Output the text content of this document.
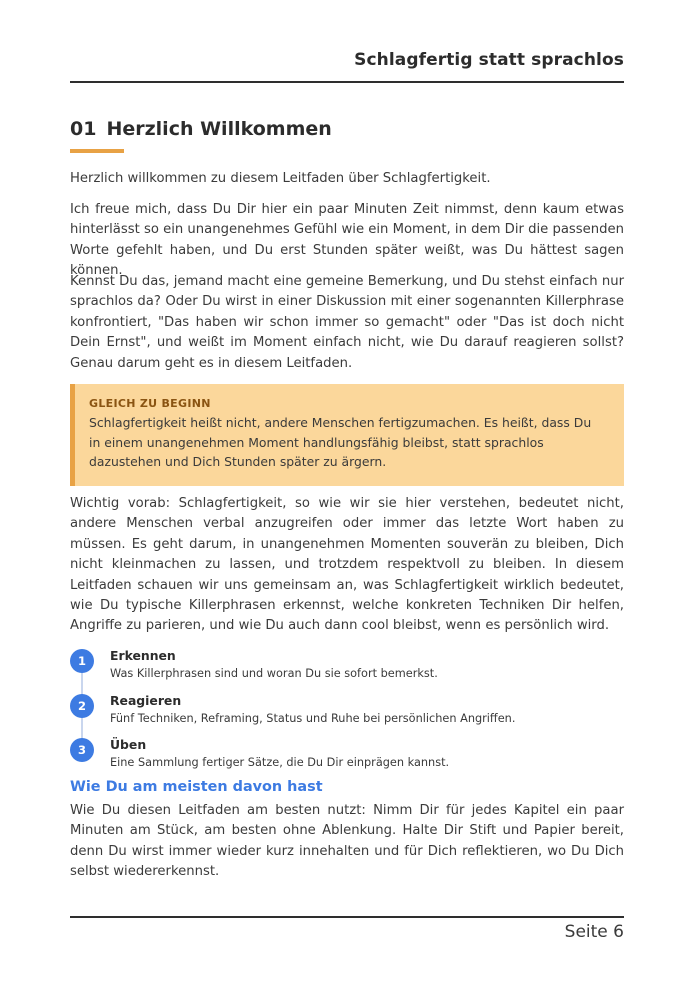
Schlagfertig statt sprachlos
01 Herzlich Willkommen

Herzlich willkommen zu diesem Leitfaden über Schlagfertigkeit.

Ich freue mich, dass Du Dir hier ein paar Minuten Zeit nimmst, denn kaum etwas hinterlässt so ein unangenehmes Gefühl wie ein Moment, in dem Dir die passenden Worte gefehlt haben, und Du erst Stunden später weißt, was Du hättest sagen können.

Kennst Du das, jemand macht eine gemeine Bemerkung, und Du stehst einfach nur sprachlos da? Oder Du wirst in einer Diskussion mit einer sogenannten Killerphrase konfrontiert, "Das haben wir schon immer so gemacht" oder "Das ist doch nicht Dein Ernst", und weißt im Moment einfach nicht, wie Du darauf reagieren sollst? Genau darum geht es in diesem Leitfaden.

GLEICH ZU BEGINN
Schlagfertigkeit heißt nicht, andere Menschen fertigzumachen. Es heißt, dass Du in einem unangenehmen Moment handlungsfähig bleibst, statt sprachlos dazustehen und Dich Stunden später zu ärgern.

Wichtig vorab: Schlagfertigkeit, so wie wir sie hier verstehen, bedeutet nicht, andere Menschen verbal anzugreifen oder immer das letzte Wort haben zu müssen. Es geht darum, in unangenehmen Momenten souverän zu bleiben, Dich nicht kleinmachen zu lassen, und trotzdem respektvoll zu bleiben. In diesem Leitfaden schauen wir uns gemeinsam an, was Schlagfertigkeit wirklich bedeutet, wie Du typische Killerphrasen erkennst, welche konkreten Techniken Dir helfen, Angriffe zu parieren, und wie Du auch dann cool bleibst, wenn es persönlich wird.

1	Erkennen
Was Killerphrasen sind und woran Du sie sofort bemerkst.
2	Reagieren
Fünf Techniken, Reframing, Status und Ruhe bei persönlichen Angriffen.
3	Üben
Eine Sammlung fertiger Sätze, die Du Dir einprägen kannst.
Wie Du am meisten davon hast

Wie Du diesen Leitfaden am besten nutzt: Nimm Dir für jedes Kapitel ein paar Minuten am Stück, am besten ohne Ablenkung. Halte Dir Stift und Papier bereit, denn Du wirst immer wieder kurz innehalten und für Dich reflektieren, wo Du Dich selbst wiedererkennst.

Seite 6
